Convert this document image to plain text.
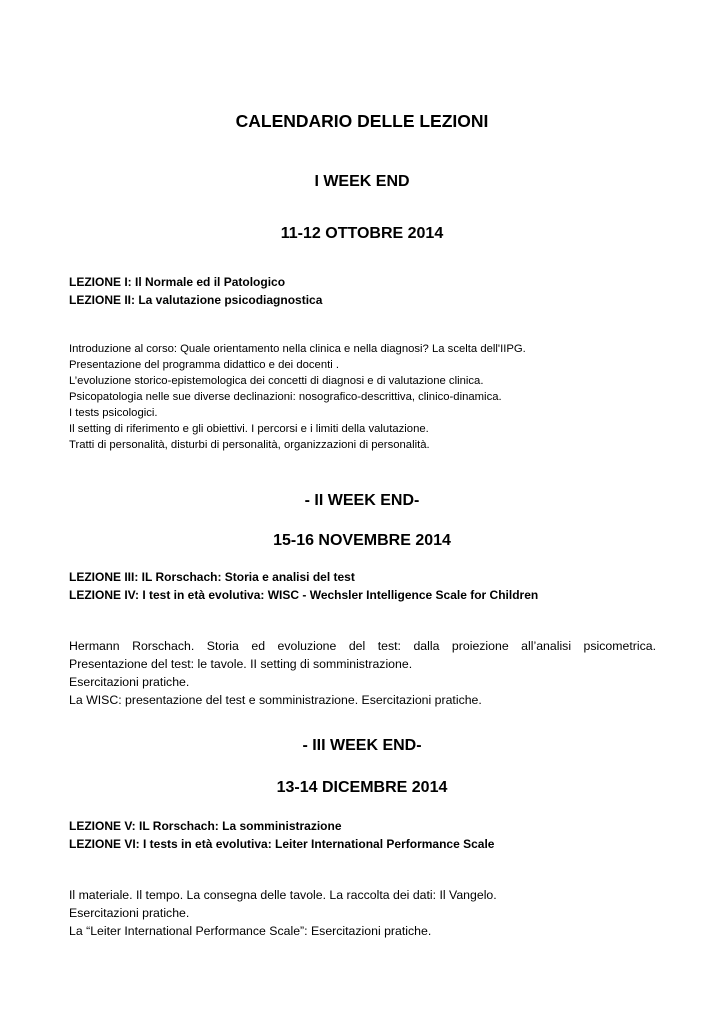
CALENDARIO DELLE LEZIONI
I WEEK END
11-12 OTTOBRE 2014
LEZIONE I: Il Normale ed il Patologico
LEZIONE II: La valutazione psicodiagnostica
Introduzione al corso: Quale orientamento nella clinica e nella diagnosi? La scelta dell'IIPG.
Presentazione del programma didattico e dei docenti .
L’evoluzione storico-epistemologica dei concetti di diagnosi e di valutazione clinica.
Psicopatologia nelle sue diverse declinazioni: nosografico-descrittiva, clinico-dinamica.
I tests psicologici.
Il setting di riferimento e gli obiettivi. I percorsi e i limiti della valutazione.
Tratti di personalità, disturbi di personalità, organizzazioni di personalità.
- II WEEK END-
15-16 NOVEMBRE 2014
LEZIONE III: IL Rorschach: Storia e analisi del test
LEZIONE IV: I test in età evolutiva: WISC - Wechsler Intelligence Scale for Children
Hermann Rorschach. Storia ed evoluzione del test: dalla proiezione all’analisi psicometrica.
Presentazione del test: le tavole. II setting di somministrazione.
Esercitazioni pratiche.
La WISC: presentazione del test e somministrazione. Esercitazioni pratiche.
- III WEEK END-
13-14 DICEMBRE 2014
LEZIONE V: IL Rorschach: La somministrazione
LEZIONE VI: I tests in età evolutiva: Leiter International Performance Scale
Il materiale. Il tempo. La consegna delle tavole. La raccolta dei dati: Il Vangelo.
Esercitazioni pratiche.
La “Leiter International Performance Scale”: Esercitazioni pratiche.
